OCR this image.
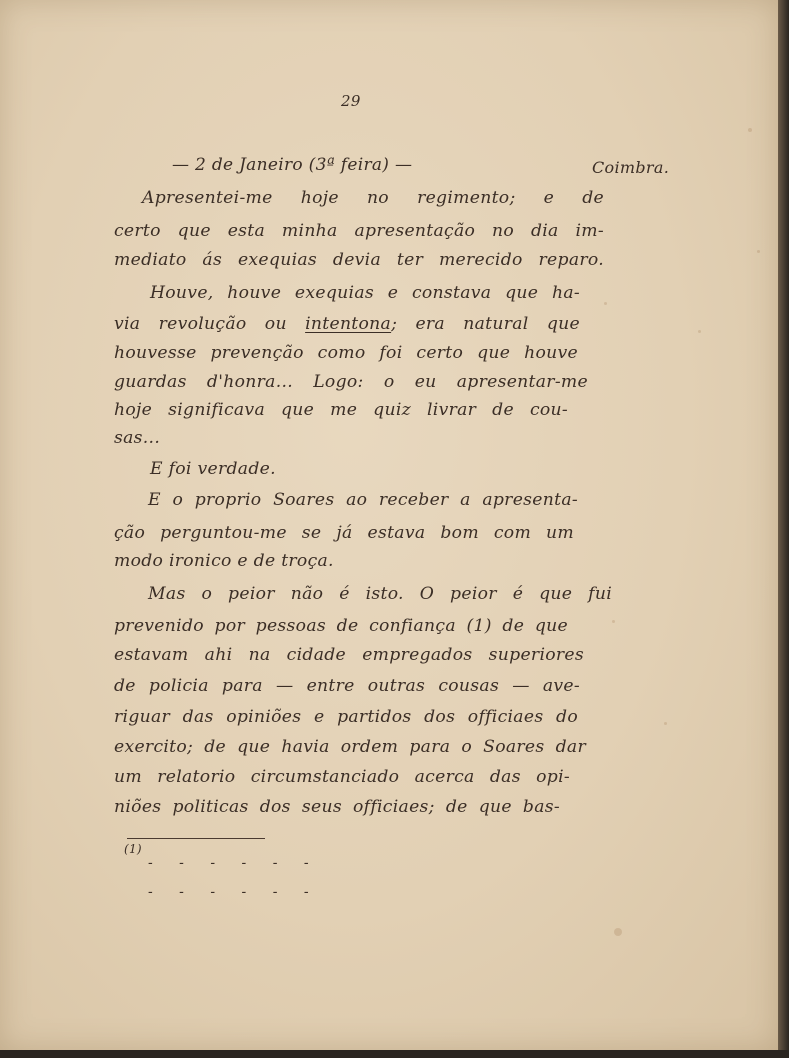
29
— 2 de Janeiro (3ª feira) —	Coimbra.
Apresentei-me hoje no regimento; e de
certo que esta minha apresentação no dia im-
mediato ás exequias devia ter merecido reparo.
Houve, houve exequias e constava que ha-
via revolução ou intentona; era natural que
houvesse prevenção como foi certo que houve
guardas d'honra... Logo: o eu apresentar-me
hoje significava que me quiz livrar de cou-
sas...
E foi verdade.
E o proprio Soares ao receber a apresenta-
ção perguntou-me se já estava bom com um
modo ironico e de troça.
Mas o peior não é isto. O peior é que fui
prevenido por pessoas de confiança (1) de que
estavam ahi na cidade empregados superiores
de policia para — entre outras cousas — ave-
riguar das opiniões e partidos dos officiaes do
exercito; de que havia ordem para o Soares dar
um relatorio circumstanciado acerca das opi-
niões politicas dos seus officiaes; de que bas-
(1)
- - - - - -
- - - - - -
